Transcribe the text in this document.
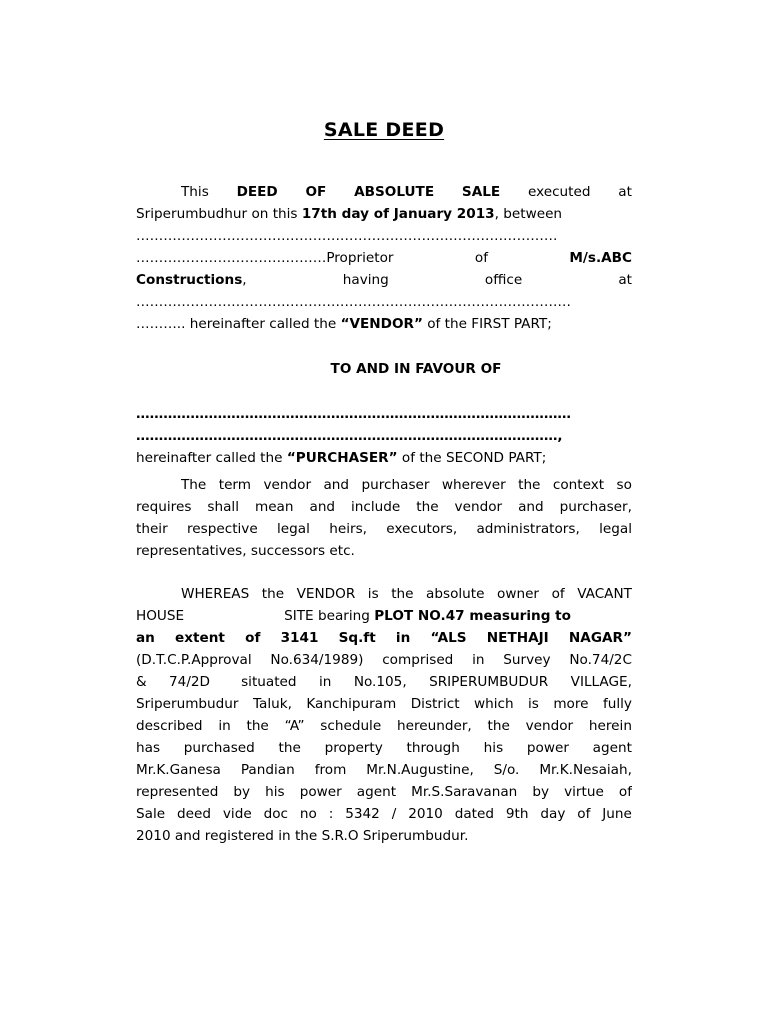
SALE DEED
This DEED OF ABSOLUTE SALE executed at
Sriperumbudhur on this 17th day of January 2013, between
…………………………………………………………………………………
……………………………………Proprietor	of	M/s.ABC
Constructions,	having	office	at
……………………………………………………………………………………
……….. hereinafter called the “VENDOR” of the FIRST PART;
TO AND IN FAVOUR OF
……………………………………………………………………………………
…………………………………………………………………………………,
hereinafter called the “PURCHASER” of the SECOND PART;
The term vendor and purchaser wherever the context so
requires shall mean and include the vendor and purchaser,
their respective legal heirs, executors, administrators, legal
representatives, successors etc.
WHEREAS the VENDOR is the absolute owner of VACANT
HOUSE	SITE bearing PLOT NO.47 measuring to
an extent of 3141 Sq.ft in “ALS NETHAJI NAGAR”
(D.T.C.P.Approval No.634/1989) comprised in Survey No.74/2C
& 74/2D situated in No.105, SRIPERUMBUDUR VILLAGE,
Sriperumbudur Taluk, Kanchipuram District which is more fully
described in the “A” schedule hereunder, the vendor herein
has purchased the property through his power agent
Mr.K.Ganesa Pandian from Mr.N.Augustine, S/o. Mr.K.Nesaiah,
represented by his power agent Mr.S.Saravanan by virtue of
Sale deed vide doc no : 5342 / 2010 dated 9th day of June
2010 and registered in the S.R.O Sriperumbudur.
